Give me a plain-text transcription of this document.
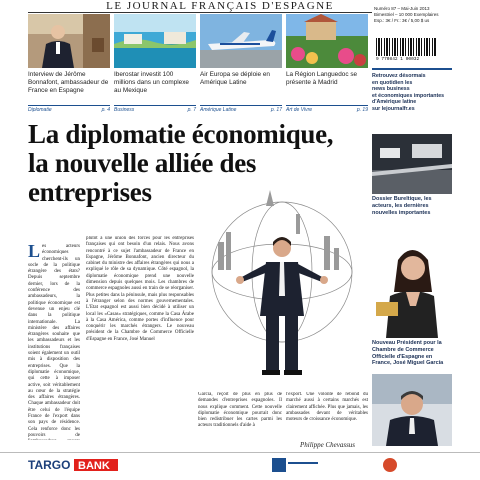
LE JOURNAL FRANÇAIS D'ESPAGNE	Numéro 87 – Mai-Juin 2013
Bimestriel – 10 000 Exemplaires
Esp.: 3€ / Fr.: 3€ / 5,00 $ us
9 770842 1 00032
Interview de Jérôme Bonnafont, ambassadeur de France en Espagne
Diplomatie	p. 4
Iberostar investit 100 millions dans un complexe au Mexique
Business	p. 7
Air Europa se déploie en Amérique Latine
Amérique Latine	p. 17
La Région Languedoc se présente à Madrid
Art de Vivre	p. 19
Retrouvez désormais
en quotidien les
news business
et économiques importantes
d'Amérique latine
sur lejournalfr.es
La diplomatie économique,
la nouvelle alliée des
entreprises
Les acteurs économiques cherchent-ils un socle de la politique étrangère des états? Depuis septembre dernier, lors de la conférence des ambassadeurs, la politique économique est devenue un enjeu clé dans la politique internationale. La ministère des affaires étrangères souhaite que les ambassadeurs et les institutions françaises soient également un outil mis à disposition des entreprises. Que la diplomatie économique, qui cette à imposer active, soit véritablement au cœur de la stratégie des affaires étrangères. Chaque ambassadeur doit être celui de l'équipe France de l'export dans son pays de résidence. Cela renforce donc les pouvoirs de
plutôt à une union des forces pour les entreprises françaises qui ont besoin d'un relais. Nous avons rencontré à ce sujet l'ambassadeur de France en Espagne, Jérôme Bonnafont, ancien directeur du cabinet du ministre des affaires étrangères qui nous a expliqué le rôle de sa dynamique. Côté espagnol, la diplomatie économique prend une nouvelle dimension depuis quelques mois. Les chambres de commerce espagnoles aussi en train de se réorganiser. Plus petites dans la péninsule, mais plus responsables à l'étranger selon des normes gouvernementales. L'Etat espagnol est aussi bien décidé à utiliser un local les «Casas» stratégiques, comme la Casa Árabe à la Casa América, comme portes d'influence pour conquérir les marchés étrangers. Le nouveau président de la Chambre de Commerce Officielle d'Espagne en France, José Manuel
García, reçoit de plus en plus de demandes d'entreprises espagnoles. Il nous explique comment. Cette nouvelle diplomatie économique pourrait donc bien redistribuer les cartes parmi les acteurs traditionnels d'aide à
l'export. Une volonté de rebond du marché aussi à certains marchés est clairement affichée. Plus que jamais, les ambassades devant de véritables moteurs de croissance économique.
Philippe Chevassus
Dossier Bureltique, les acteurs, les dernières nouvelles importantes
Nouveau Président pour la Chambre de Commerce Officielle d'Espagne en France, José Miguel García
TARGO BANK
